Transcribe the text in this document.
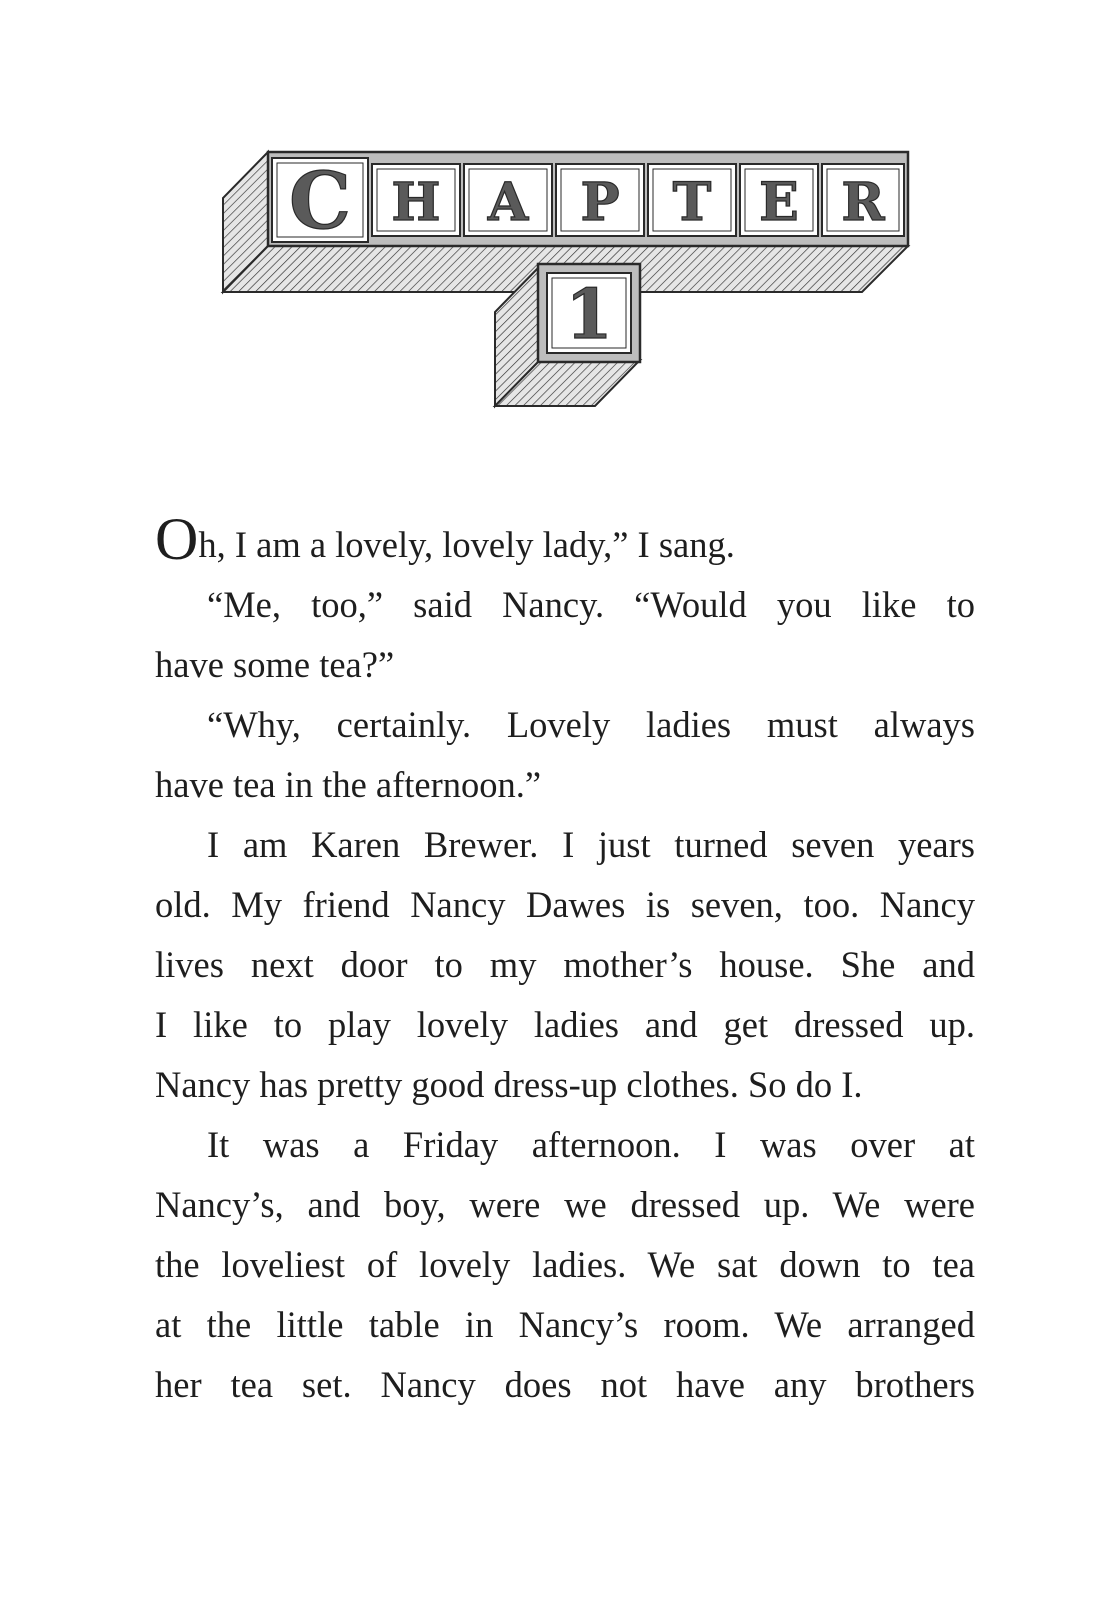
C H A P T E R
1
Oh, I am a lovely, lovely lady,” I sang.
“Me, too,” said Nancy. “Would you like to
have some tea?”
“Why, certainly. Lovely ladies must always
have tea in the afternoon.”
I am Karen Brewer. I just turned seven years
old. My friend Nancy Dawes is seven, too. Nancy
lives next door to my mother’s house. She and
I like to play lovely ladies and get dressed up.
Nancy has pretty good dress-up clothes. So do I.
It was a Friday afternoon. I was over at
Nancy’s, and boy, were we dressed up. We were
the loveliest of lovely ladies. We sat down to tea
at the little table in Nancy’s room. We arranged
her tea set. Nancy does not have any brothers
